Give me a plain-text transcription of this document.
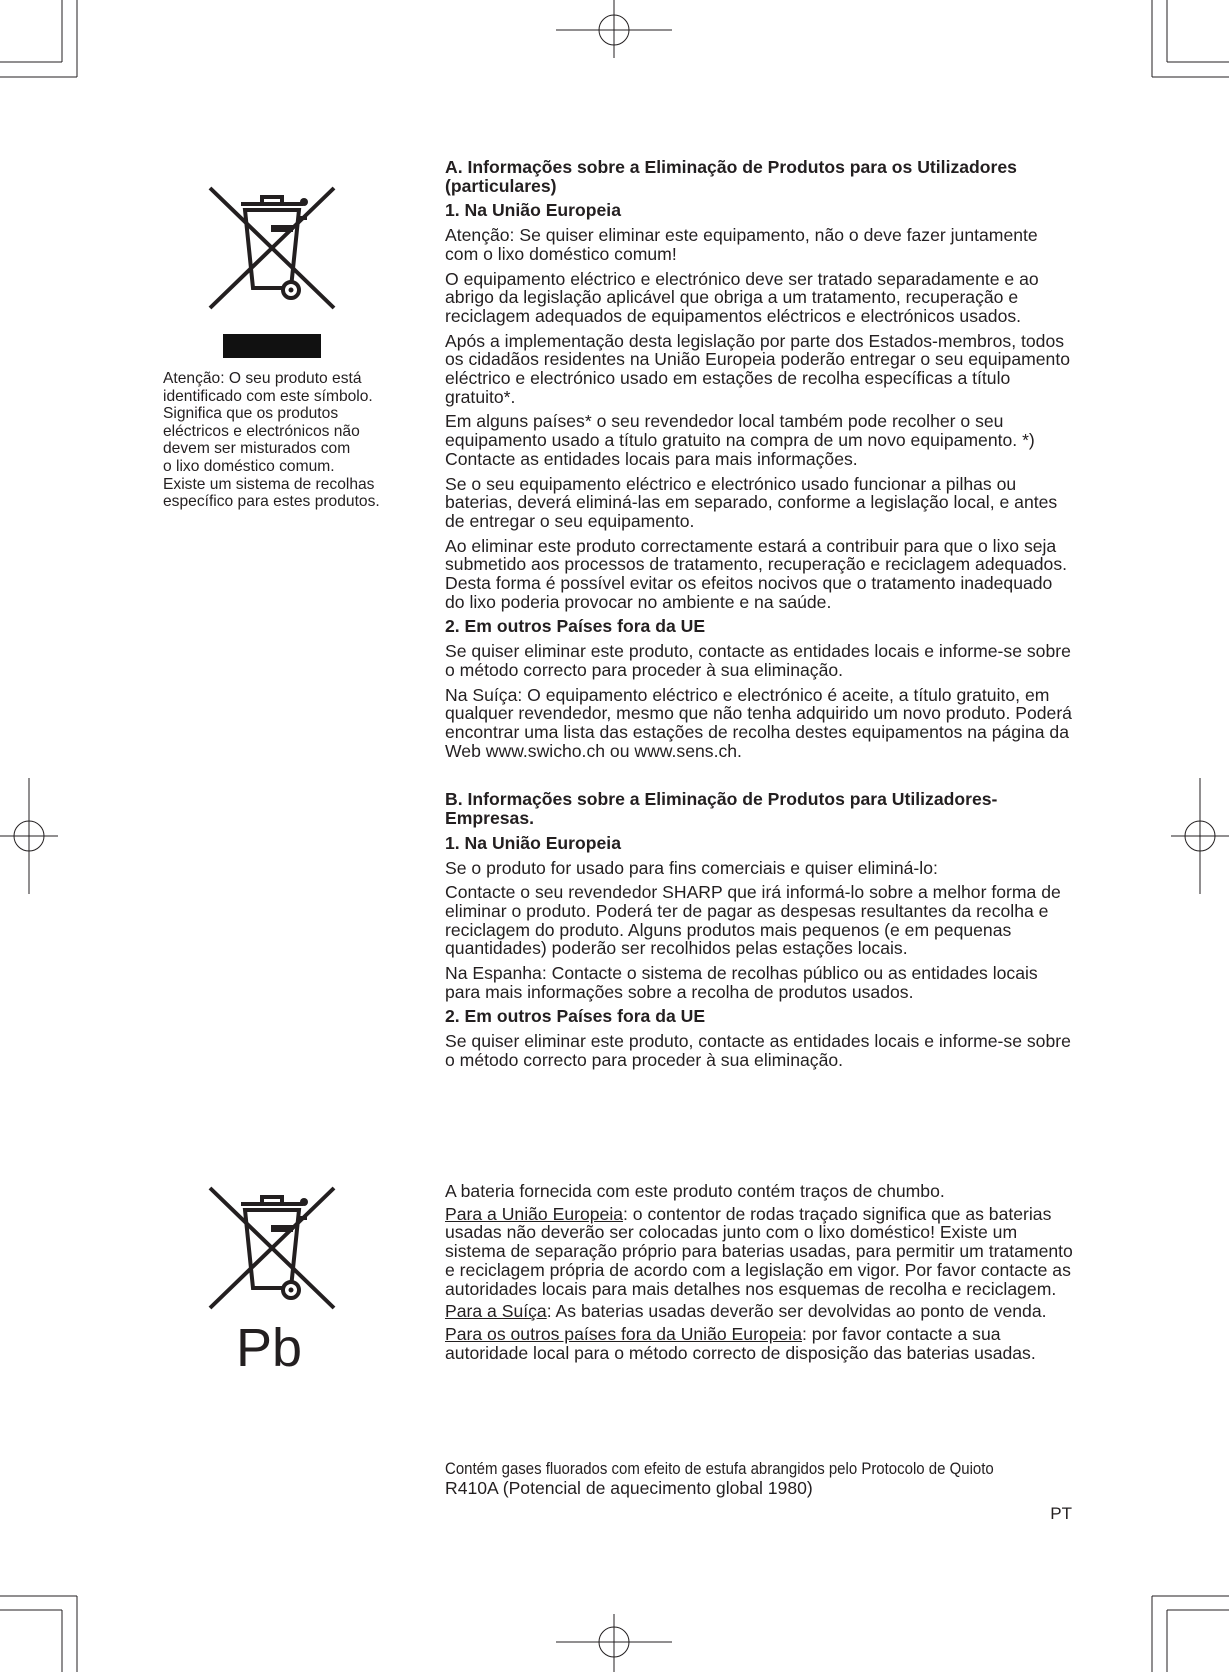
Atenção: O seu produto está
identificado com este símbolo.
Significa que os produtos
eléctricos e electrónicos não
devem ser misturados com
o lixo doméstico comum.
Existe um sistema de recolhas
específico para estes produtos.
A. Informações sobre a Eliminação de Produtos para os Utilizadores (particulares)
1. Na União Europeia

Atenção: Se quiser eliminar este equipamento, não o deve fazer juntamente com o lixo doméstico comum!

O equipamento eléctrico e electrónico deve ser tratado separadamente e ao abrigo da legislação aplicável que obriga a um tratamento, recuperação e reciclagem adequados de equipamentos eléctricos e electrónicos usados.

Após a implementação desta legislação por parte dos Estados-membros, todos os cidadãos residentes na União Europeia poderão entregar o seu equipamento eléctrico e electrónico usado em estações de recolha específicas a título gratuito*.

Em alguns países* o seu revendedor local também pode recolher o seu equipamento usado a título gratuito na compra de um novo equipamento. *) Contacte as entidades locais para mais informações.

Se o seu equipamento eléctrico e electrónico usado funcionar a pilhas ou baterias, deverá eliminá-las em separado, conforme a legislação local, e antes de entregar o seu equipamento.

Ao eliminar este produto correctamente estará a contribuir para que o lixo seja submetido aos processos de tratamento, recuperação e reciclagem adequados. Desta forma é possível evitar os efeitos nocivos que o tratamento inadequado do lixo poderia provocar no ambiente e na saúde.

2. Em outros Países fora da UE

Se quiser eliminar este produto, contacte as entidades locais e informe-se sobre o método correcto para proceder à sua eliminação.

Na Suíça: O equipamento eléctrico e electrónico é aceite, a título gratuito, em qualquer revendedor, mesmo que não tenha adquirido um novo produto. Poderá encontrar uma lista das estações de recolha destes equipamentos na página da Web www.swicho.ch ou www.sens.ch.

B. Informações sobre a Eliminação de Produtos para Utilizadores-Empresas.
1. Na União Europeia

Se o produto for usado para fins comerciais e quiser eliminá-lo:

Contacte o seu revendedor SHARP que irá informá-lo sobre a melhor forma de eliminar o produto. Poderá ter de pagar as despesas resultantes da recolha e reciclagem do produto. Alguns produtos mais pequenos (e em pequenas quantidades) poderão ser recolhidos pelas estações locais.

Na Espanha: Contacte o sistema de recolhas público ou as entidades locais para mais informações sobre a recolha de produtos usados.

2. Em outros Países fora da UE

Se quiser eliminar este produto, contacte as entidades locais e informe-se sobre o método correcto para proceder à sua eliminação.

Pb

A bateria fornecida com este produto contém traços de chumbo.

Para a União Europeia: o contentor de rodas traçado significa que as baterias usadas não deverão ser colocadas junto com o lixo doméstico! Existe um sistema de separação próprio para baterias usadas, para permitir um tratamento e reciclagem própria de acordo com a legislação em vigor. Por favor contacte as autoridades locais para mais detalhes nos esquemas de recolha e reciclagem.

Para a Suíça: As baterias usadas deverão ser devolvidas ao ponto de venda.

Para os outros países fora da União Europeia: por favor contacte a sua autoridade local para o método correcto de disposição das baterias usadas.

Contém gases fluorados com efeito de estufa abrangidos pelo Protocolo de Quioto
R410A (Potencial de aquecimento global 1980)
PT
